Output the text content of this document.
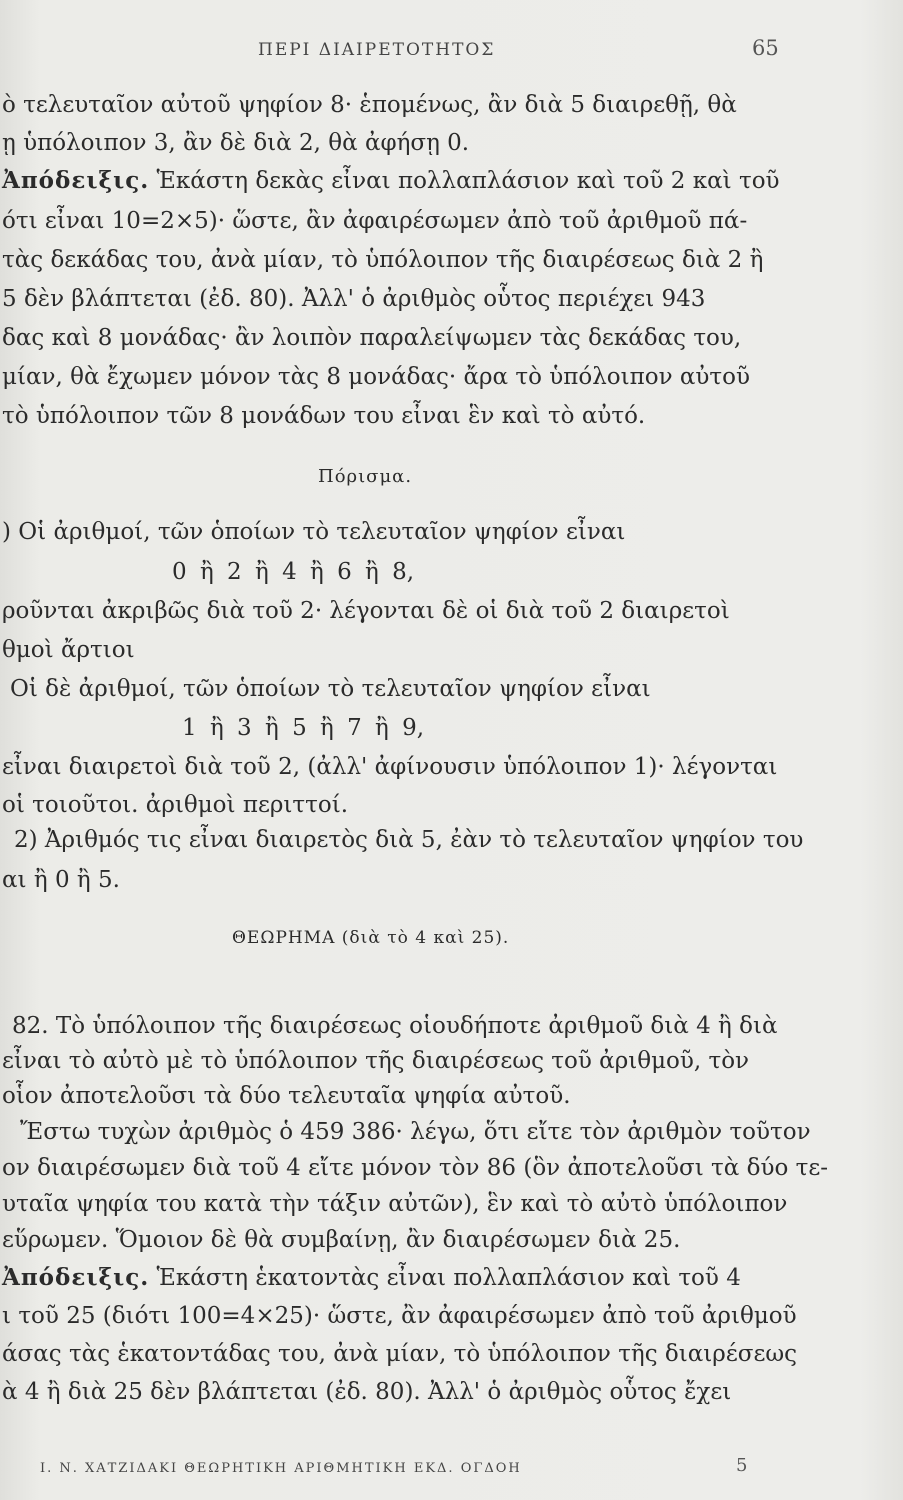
ΠΕΡΙ ΔΙΑΙΡΕΤΟΤΗΤΟΣ	65
ὸ τελευταῖον αὐτοῦ ψηφίον 8· ἑπομένως, ἂν διὰ 5 διαιρεθῇ, θὰ
ῃ ὑπόλοιπον 3, ἂν δὲ διὰ 2, θὰ ἀφήσῃ 0.
Ἀπόδειξις. Ἑκάστη δεκὰς εἶναι πολλαπλάσιον καὶ τοῦ 2 καὶ τοῦ
ότι εἶναι 10=2×5)· ὥστε, ἂν ἀφαιρέσωμεν ἀπὸ τοῦ ἀριθμοῦ πά-
τὰς δεκάδας του, ἀνὰ μίαν, τὸ ὑπόλοιπον τῆς διαιρέσεως διὰ 2 ἢ
5 δὲν βλάπτεται (ἐδ. 80). Ἀλλ' ὁ ἀριθμὸς οὗτος περιέχει 943
δας καὶ 8 μονάδας· ἂν λοιπὸν παραλείψωμεν τὰς δεκάδας του,
μίαν, θὰ ἔχωμεν μόνον τὰς 8 μονάδας· ἄρα τὸ ὑπόλοιπον αὐτοῦ
τὸ ὑπόλοιπον τῶν 8 μονάδων του εἶναι ἓν καὶ τὸ αὐτό.
Πόρισμα.
) Οἱ ἀριθμοί, τῶν ὁποίων τὸ τελευταῖον ψηφίον εἶναι
0 ἢ 2 ἢ 4 ἢ 6 ἢ 8,
ροῦνται ἀκριβῶς διὰ τοῦ 2· λέγονται δὲ οἱ διὰ τοῦ 2 διαιρετοὶ
θμοὶ ἄρτιοι
Οἱ δὲ ἀριθμοί, τῶν ὁποίων τὸ τελευταῖον ψηφίον εἶναι
1 ἢ 3 ἢ 5 ἢ 7 ἢ 9,
εἶναι διαιρετοὶ διὰ τοῦ 2, (ἀλλ' ἀφίνουσιν ὑπόλοιπον 1)· λέγονται
οἱ τοιοῦτοι. ἀριθμοὶ περιττοί.
2) Ἀριθμός τις εἶναι διαιρετὸς διὰ 5, ἐὰν τὸ τελευταῖον ψηφίον του
αι ἢ 0 ἢ 5.
ΘΕΩΡΗΜΑ (διὰ τὸ 4 καὶ 25).
82. Τὸ ὑπόλοιπον τῆς διαιρέσεως οἱουδήποτε ἀριθμοῦ διὰ 4 ἢ διὰ
εἶναι τὸ αὐτὸ μὲ τὸ ὑπόλοιπον τῆς διαιρέσεως τοῦ ἀριθμοῦ, τὸν
οἷον ἀποτελοῦσι τὰ δύο τελευταῖα ψηφία αὐτοῦ.
Ἔστω τυχὼν ἀριθμὸς ὁ 459 386· λέγω, ὅτι εἴτε τὸν ἀριθμὸν τοῦτον
ον διαιρέσωμεν διὰ τοῦ 4 εἴτε μόνον τὸν 86 (ὃν ἀποτελοῦσι τὰ δύο τε-
υταῖα ψηφία του κατὰ τὴν τάξιν αὐτῶν), ἓν καὶ τὸ αὐτὸ ὑπόλοιπον
εὕρωμεν. Ὅμοιον δὲ θὰ συμβαίνῃ, ἂν διαιρέσωμεν διὰ 25.
Ἀπόδειξις. Ἑκάστη ἑκατοντὰς εἶναι πολλαπλάσιον καὶ τοῦ 4
ι τοῦ 25 (διότι 100=4×25)· ὥστε, ἂν ἀφαιρέσωμεν ἀπὸ τοῦ ἀριθμοῦ
άσας τὰς ἑκατοντάδας του, ἀνὰ μίαν, τὸ ὑπόλοιπον τῆς διαιρέσεως
ὰ 4 ἢ διὰ 25 δὲν βλάπτεται (ἐδ. 80). Ἀλλ' ὁ ἀριθμὸς οὗτος ἔχει
Ι. Ν. ΧΑΤΖΙΔΑΚΙ ΘΕΩΡΗΤΙΚΗ ΑΡΙΘΜΗΤΙΚΗ ΕΚΔ. ΟΓΔΟΗ	5
